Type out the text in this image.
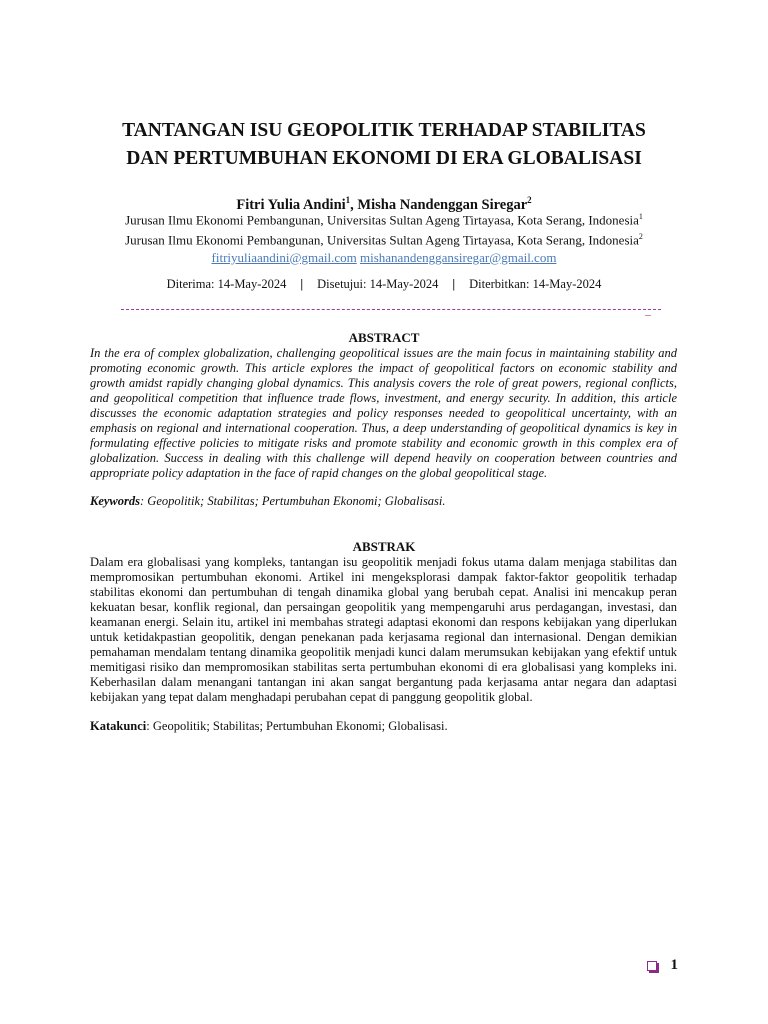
TANTANGAN ISU GEOPOLITIK TERHADAP STABILITAS
DAN PERTUMBUHAN EKONOMI DI ERA GLOBALISASI
Fitri Yulia Andini$^1$, Misha Nandenggan Siregar$^2$
Jurusan Ilmu Ekonomi Pembangunan, Universitas Sultan Ageng Tirtayasa, Kota Serang, Indonesia$^1$
Jurusan Ilmu Ekonomi Pembangunan, Universitas Sultan Ageng Tirtayasa, Kota Serang, Indonesia$^2$
fitriyuliaandini@gmail.com mishanandenggansiregar@gmail.com
Diterima: 14-May-2024 | Disetujui: 14-May-2024 | Diterbitkan: 14-May-2024
_
ABSTRACT
In the era of complex globalization, challenging geopolitical issues are the main focus in maintaining stability and promoting economic growth. This article explores the impact of geopolitical factors on economic stability and growth amidst rapidly changing global dynamics. This analysis covers the role of great powers, regional conflicts, and geopolitical competition that influence trade flows, investment, and energy security. In addition, this article discusses the economic adaptation strategies and policy responses needed to geopolitical uncertainty, with an emphasis on regional and international cooperation. Thus, a deep understanding of geopolitical dynamics is key in formulating effective policies to mitigate risks and promote stability and economic growth in this complex era of globalization. Success in dealing with this challenge will depend heavily on cooperation between countries and appropriate policy adaptation in the face of rapid changes on the global geopolitical stage.
Keywords: Geopolitik; Stabilitas; Pertumbuhan Ekonomi; Globalisasi.
ABSTRAK
Dalam era globalisasi yang kompleks, tantangan isu geopolitik menjadi fokus utama dalam menjaga stabilitas dan mempromosikan pertumbuhan ekonomi. Artikel ini mengeksplorasi dampak faktor-faktor geopolitik terhadap stabilitas ekonomi dan pertumbuhan di tengah dinamika global yang berubah cepat. Analisi ini mencakup peran kekuatan besar, konflik regional, dan persaingan geopolitik yang mempengaruhi arus perdagangan, investasi, dan keamanan energi. Selain itu, artikel ini membahas strategi adaptasi ekonomi dan respons kebijakan yang diperlukan untuk ketidakpastian geopolitik, dengan penekanan pada kerjasama regional dan internasional. Dengan demikian pemahaman mendalam tentang dinamika geopolitik menjadi kunci dalam merumsukan kebijakan yang efektif untuk memitigasi risiko dan mempromosikan stabilitas serta pertumbuhan ekonomi di era globalisasi yang kompleks ini. Keberhasilan dalam menangani tantangan ini akan sangat bergantung pada kerjasama antar negara dan adaptasi kebijakan yang tepat dalam menghadapi perubahan cepat di panggung geopolitik global.
Katakunci: Geopolitik; Stabilitas; Pertumbuhan Ekonomi; Globalisasi.
1
